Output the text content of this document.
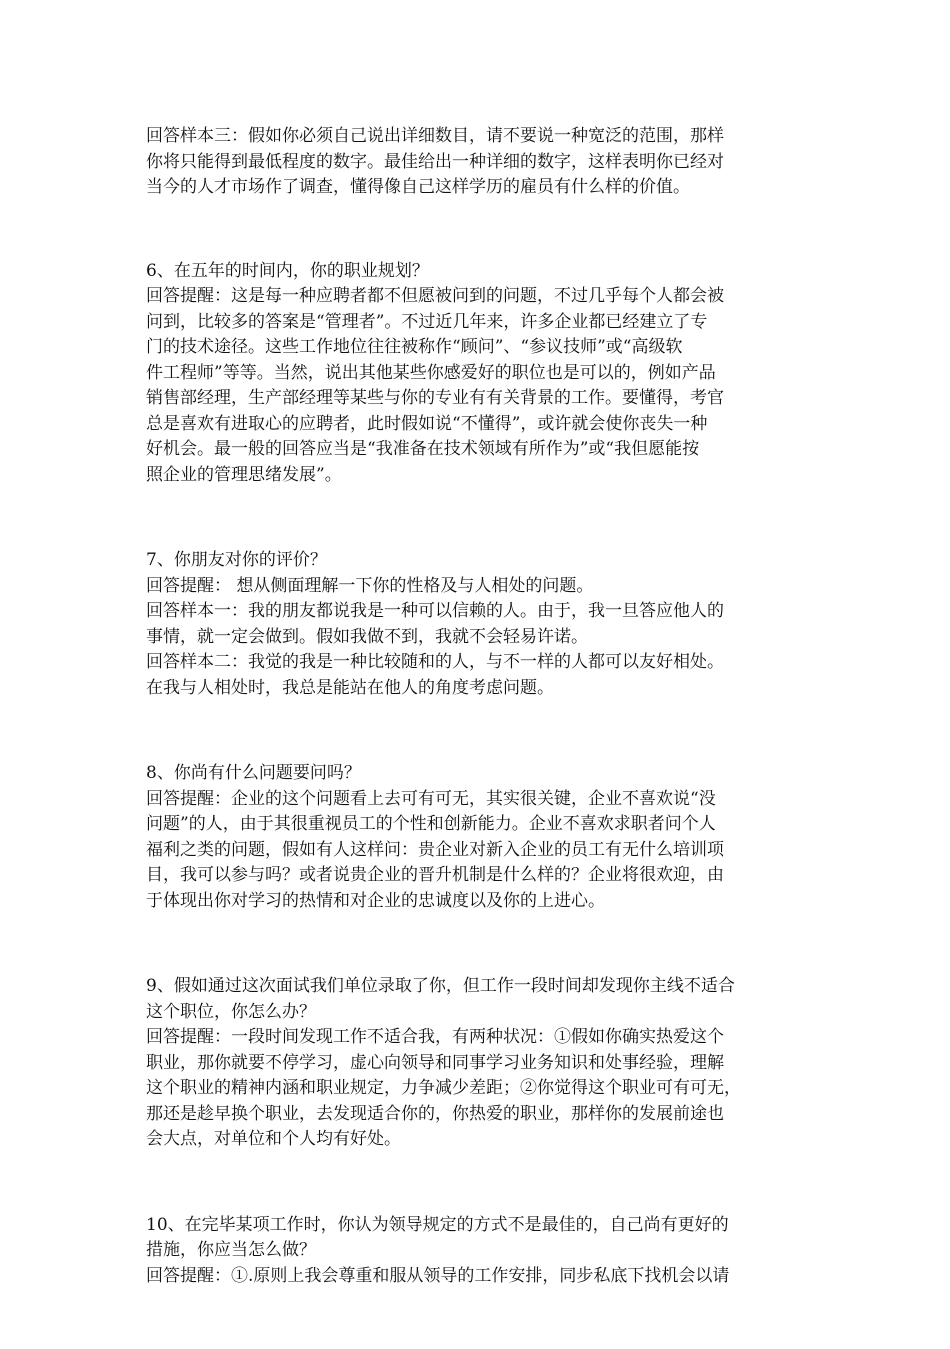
回答样本三：假如你必须自己说出详细数目，请不要说一种宽泛的范围，那样
你将只能得到最低程度的数字。最佳给出一种详细的数字，这样表明你已经对
当今的人才市场作了调查，懂得像自己这样学历的雇员有什么样的价值。
6、在五年的时间内，你的职业规划？
回答提醒：这是每一种应聘者都不但愿被问到的问题，不过几乎每个人都会被
问到，比较多的答案是“管理者”。不过近几年来，许多企业都已经建立了专
门的技术途径。这些工作地位往往被称作“顾问”、“参议技师”或“高级软
件工程师”等等。当然，说出其他某些你感爱好的职位也是可以的，例如产品
销售部经理，生产部经理等某些与你的专业有有关背景的工作。要懂得，考官
总是喜欢有进取心的应聘者，此时假如说“不懂得”，或许就会使你丧失一种
好机会。最一般的回答应当是“我准备在技术领域有所作为”或“我但愿能按
照企业的管理思绪发展”。
7、你朋友对你的评价？
回答提醒： 想从侧面理解一下你的性格及与人相处的问题。
回答样本一：我的朋友都说我是一种可以信赖的人。由于，我一旦答应他人的
事情，就一定会做到。假如我做不到，我就不会轻易许诺。
回答样本二：我觉的我是一种比较随和的人，与不一样的人都可以友好相处。
在我与人相处时，我总是能站在他人的角度考虑问题。
8、你尚有什么问题要问吗？
回答提醒：企业的这个问题看上去可有可无，其实很关键，企业不喜欢说“没
问题”的人，由于其很重视员工的个性和创新能力。企业不喜欢求职者问个人
福利之类的问题，假如有人这样问：贵企业对新入企业的员工有无什么培训项
目，我可以参与吗？或者说贵企业的晋升机制是什么样的？企业将很欢迎，由
于体现出你对学习的热情和对企业的忠诚度以及你的上进心。
9、假如通过这次面试我们单位录取了你，但工作一段时间却发现你主线不适合
这个职位，你怎么办？
回答提醒：一段时间发现工作不适合我，有两种状况：①假如你确实热爱这个
职业，那你就要不停学习，虚心向领导和同事学习业务知识和处事经验，理解
这个职业的精神内涵和职业规定，力争减少差距；②你觉得这个职业可有可无，
那还是趁早换个职业，去发现适合你的，你热爱的职业，那样你的发展前途也
会大点，对单位和个人均有好处。
10、在完毕某项工作时，你认为领导规定的方式不是最佳的，自己尚有更好的
措施，你应当怎么做？
回答提醒：①.原则上我会尊重和服从领导的工作安排，同步私底下找机会以请
